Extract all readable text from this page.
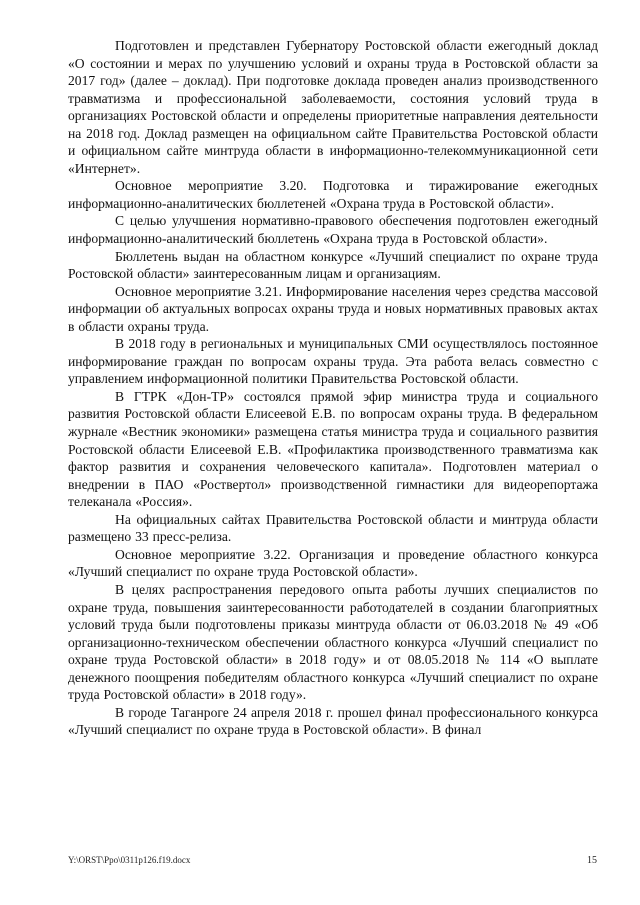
Подготовлен и представлен Губернатору Ростовской области ежегодный доклад «О состоянии и мерах по улучшению условий и охраны труда в Ростовской области за 2017 год» (далее – доклад). При подготовке доклада проведен анализ производственного травматизма и профессиональной заболеваемости, состояния условий труда в организациях Ростовской области и определены приоритетные направления деятельности на 2018 год. Доклад размещен на официальном сайте Правительства Ростовской области и официальном сайте минтруда области в информационно-телекоммуникационной сети «Интернет».

Основное мероприятие 3.20. Подготовка и тиражирование ежегодных информационно-аналитических бюллетеней «Охрана труда в Ростовской области».

С целью улучшения нормативно-правового обеспечения подготовлен ежегодный информационно-аналитический бюллетень «Охрана труда в Ростовской области».

Бюллетень выдан на областном конкурсе «Лучший специалист по охране труда Ростовской области» заинтересованным лицам и организациям.

Основное мероприятие 3.21. Информирование населения через средства массовой информации об актуальных вопросах охраны труда и новых нормативных правовых актах в области охраны труда.

В 2018 году в региональных и муниципальных СМИ осуществлялось постоянное информирование граждан по вопросам охраны труда. Эта работа велась совместно с управлением информационной политики Правительства Ростовской области.

В ГТРК «Дон-ТР» состоялся прямой эфир министра труда и социального развития Ростовской области Елисеевой Е.В. по вопросам охраны труда. В федеральном журнале «Вестник экономики» размещена статья министра труда и социального развития Ростовской области Елисеевой Е.В. «Профилактика производственного травматизма как фактор развития и сохранения человеческого капитала». Подготовлен материал о внедрении в ПАО «Роствертол» производственной гимнастики для видеорепортажа телеканала «Россия».

На официальных сайтах Правительства Ростовской области и минтруда области размещено 33 пресс-релиза.

Основное мероприятие 3.22. Организация и проведение областного конкурса «Лучший специалист по охране труда Ростовской области».

В целях распространения передового опыта работы лучших специалистов по охране труда, повышения заинтересованности работодателей в создании благоприятных условий труда были подготовлены приказы минтруда области от 06.03.2018 № 49 «Об организационно-техническом обеспечении областного конкурса «Лучший специалист по охране труда Ростовской области» в 2018 году» и от 08.05.2018 № 114 «О выплате денежного поощрения победителям областного конкурса «Лучший специалист по охране труда Ростовской области» в 2018 году».

В городе Таганроге 24 апреля 2018 г. прошел финал профессионального конкурса «Лучший специалист по охране труда в Ростовской области». В финал

Y:\ORST\Ppo\0311p126.f19.docx	15
